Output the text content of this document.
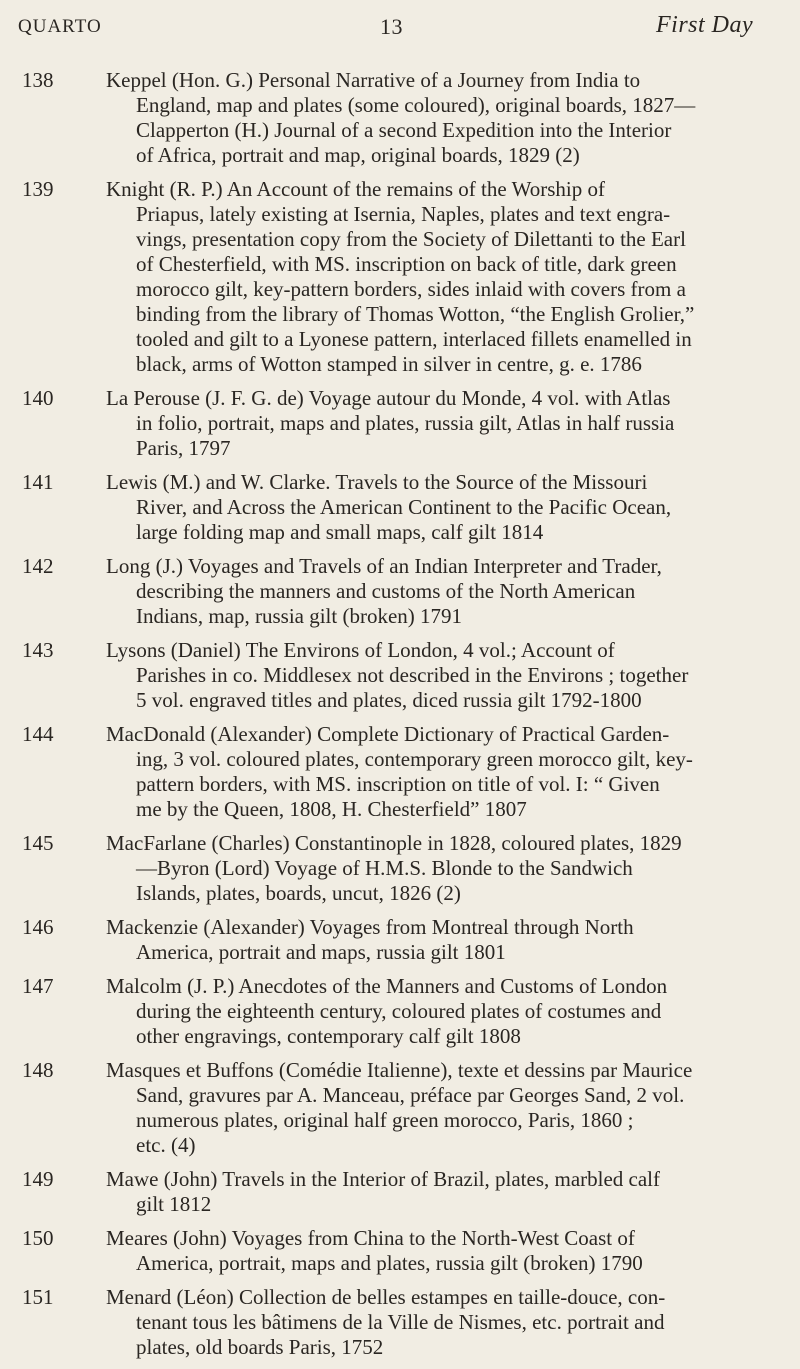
QUARTO	13	First Day
138	Keppel (Hon. G.) Personal Narrative of a Journey from India to
England, map and plates (some coloured), original boards, 1827—
Clapperton (H.) Journal of a second Expedition into the Interior
of Africa, portrait and map, original boards, 1829 (2)
139	Knight (R. P.) An Account of the remains of the Worship of
Priapus, lately existing at Isernia, Naples, plates and text engra-
vings, presentation copy from the Society of Dilettanti to the Earl
of Chesterfield, with MS. inscription on back of title, dark green
morocco gilt, key-pattern borders, sides inlaid with covers from a
binding from the library of Thomas Wotton, “the English Grolier,”
tooled and gilt to a Lyonese pattern, interlaced fillets enamelled in
black, arms of Wotton stamped in silver in centre, g. e. 1786
140	La Perouse (J. F. G. de) Voyage autour du Monde, 4 vol. with Atlas
in folio, portrait, maps and plates, russia gilt, Atlas in half russia
Paris, 1797
141	Lewis (M.) and W. Clarke. Travels to the Source of the Missouri
River, and Across the American Continent to the Pacific Ocean,
large folding map and small maps, calf gilt 1814
142	Long (J.) Voyages and Travels of an Indian Interpreter and Trader,
describing the manners and customs of the North American
Indians, map, russia gilt (broken) 1791
143	Lysons (Daniel) The Environs of London, 4 vol.; Account of
Parishes in co. Middlesex not described in the Environs ; together
5 vol. engraved titles and plates, diced russia gilt 1792-1800
144	MacDonald (Alexander) Complete Dictionary of Practical Garden-
ing, 3 vol. coloured plates, contemporary green morocco gilt, key-
pattern borders, with MS. inscription on title of vol. I: “ Given
me by the Queen, 1808, H. Chesterfield” 1807
145	MacFarlane (Charles) Constantinople in 1828, coloured plates, 1829
—Byron (Lord) Voyage of H.M.S. Blonde to the Sandwich
Islands, plates, boards, uncut, 1826 (2)
146	Mackenzie (Alexander) Voyages from Montreal through North
America, portrait and maps, russia gilt 1801
147	Malcolm (J. P.) Anecdotes of the Manners and Customs of London
during the eighteenth century, coloured plates of costumes and
other engravings, contemporary calf gilt 1808
148	Masques et Buffons (Comédie Italienne), texte et dessins par Maurice
Sand, gravures par A. Manceau, préface par Georges Sand, 2 vol.
numerous plates, original half green morocco, Paris, 1860 ;
etc. (4)
149	Mawe (John) Travels in the Interior of Brazil, plates, marbled calf
gilt 1812
150	Meares (John) Voyages from China to the North-West Coast of
America, portrait, maps and plates, russia gilt (broken) 1790
151	Menard (Léon) Collection de belles estampes en taille-douce, con-
tenant tous les bâtimens de la Ville de Nismes, etc. portrait and
plates, old boards Paris, 1752
